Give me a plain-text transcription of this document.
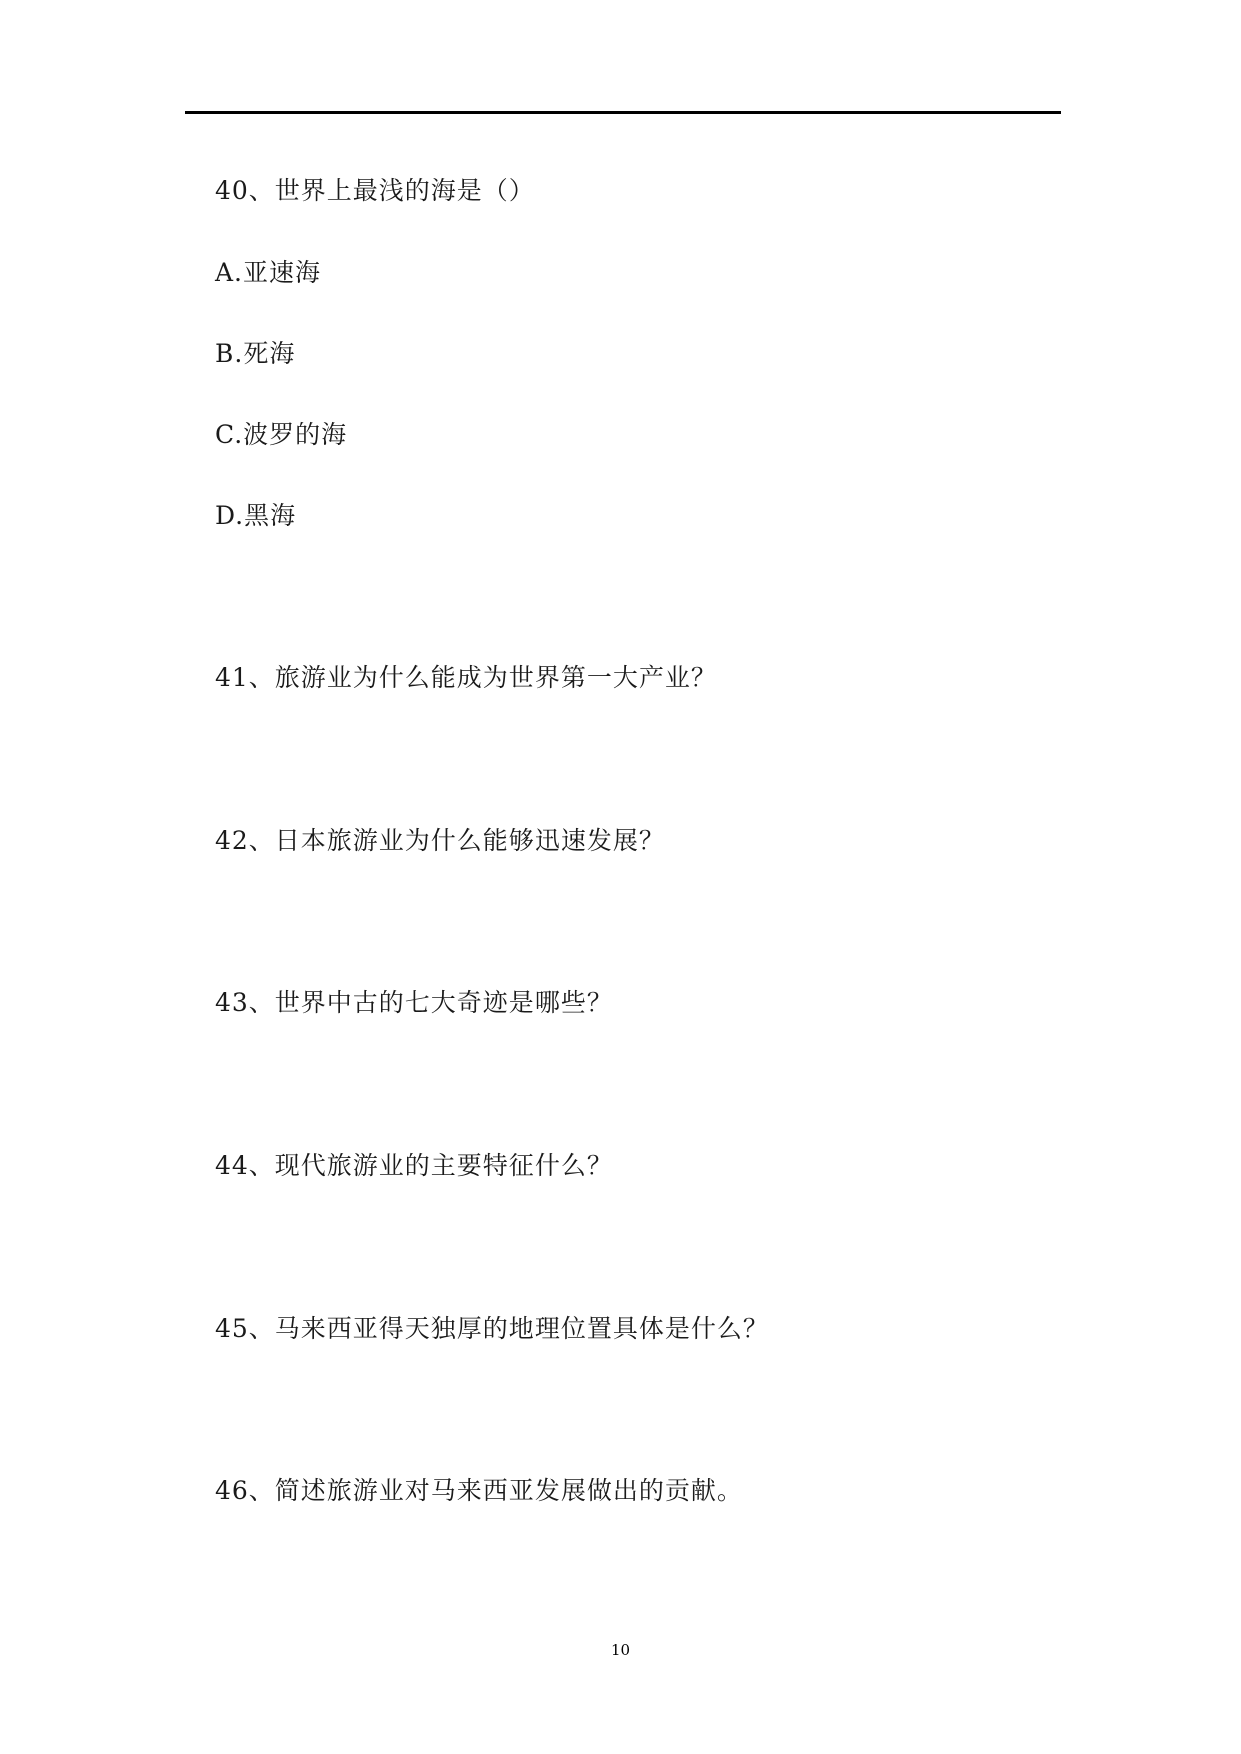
40、世界上最浅的海是（）
A.亚速海
B.死海
C.波罗的海
D.黑海
41、旅游业为什么能成为世界第一大产业？
42、日本旅游业为什么能够迅速发展？
43、世界中古的七大奇迹是哪些？
44、现代旅游业的主要特征什么？
45、马来西亚得天独厚的地理位置具体是什么？
46、简述旅游业对马来西亚发展做出的贡献。
10
